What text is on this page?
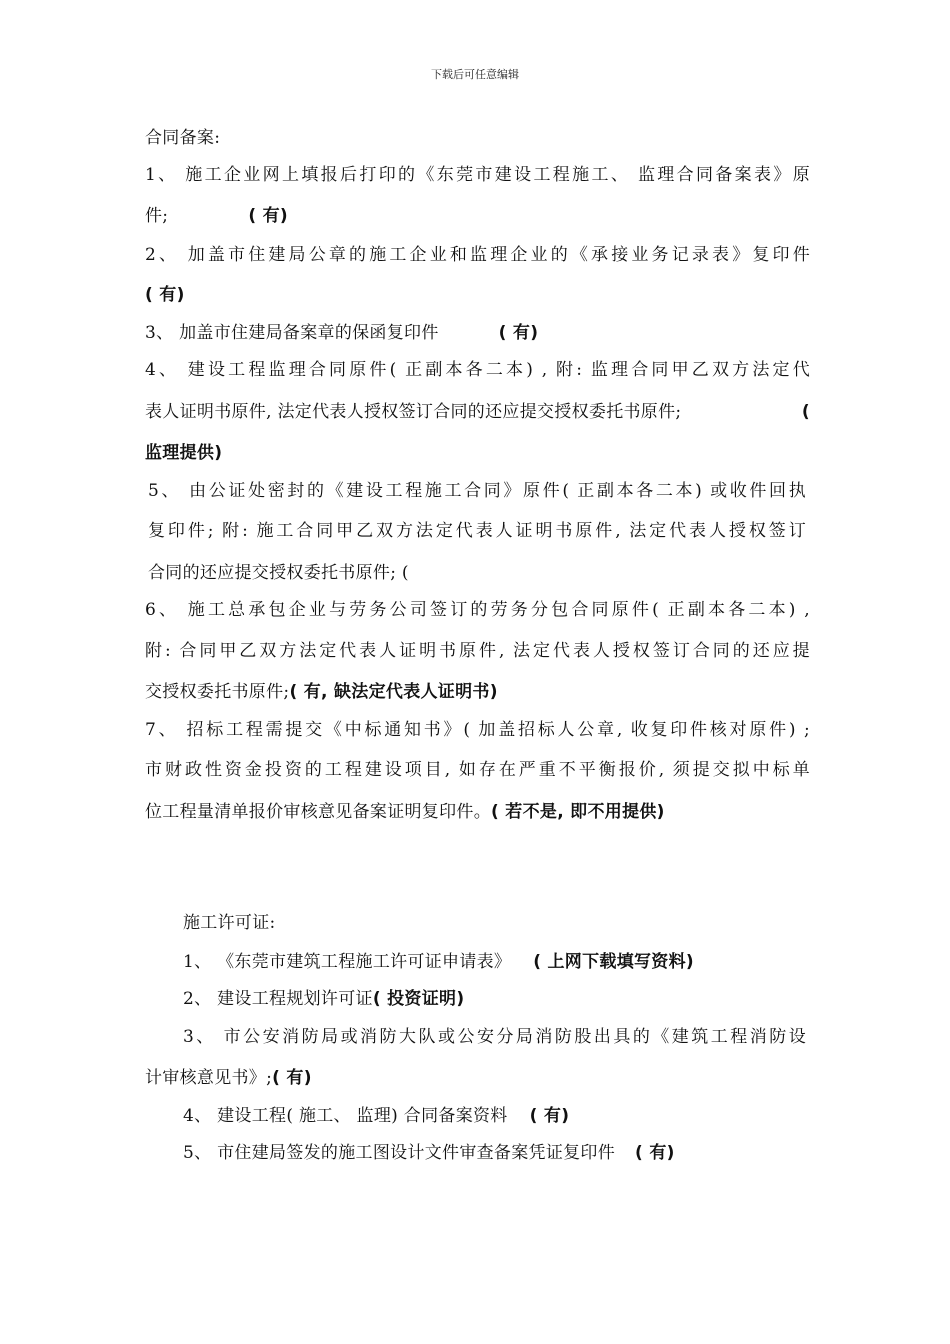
下载后可任意编辑
合同备案:
1、 施工企业网上填报后打印的《东莞市建设工程施工、 监理合同备案表》原
件;	( 有)
2、 加盖市住建局公章的施工企业和监理企业的《承接业务记录表》复印件
( 有)
3、 加盖市住建局备案章的保函复印件	( 有)
4、 建设工程监理合同原件( 正副本各二本) , 附: 监理合同甲乙双方法定代
表人证明书原件, 法定代表人授权签订合同的还应提交授权委托书原件;	(
监理提供)
5、 由公证处密封的《建设工程施工合同》原件( 正副本各二本) 或收件回执
复印件; 附: 施工合同甲乙双方法定代表人证明书原件, 法定代表人授权签订
合同的还应提交授权委托书原件; (
6、 施工总承包企业与劳务公司签订的劳务分包合同原件( 正副本各二本) ,
附: 合同甲乙双方法定代表人证明书原件, 法定代表人授权签订合同的还应提
交授权委托书原件;( 有, 缺法定代表人证明书)
7、 招标工程需提交《中标通知书》( 加盖招标人公章, 收复印件核对原件) ;
市财政性资金投资的工程建设项目, 如存在严重不平衡报价, 须提交拟中标单
位工程量清单报价审核意见备案证明复印件。( 若不是, 即不用提供)
施工许可证:
1、 《东莞市建筑工程施工许可证申请表》 ( 上网下载填写资料)
2、 建设工程规划许可证( 投资证明)
3、 市公安消防局或消防大队或公安分局消防股出具的《建筑工程消防设
计审核意见书》;( 有)
4、 建设工程( 施工、 监理) 合同备案资料 ( 有)
5、 市住建局签发的施工图设计文件审查备案凭证复印件 ( 有)
